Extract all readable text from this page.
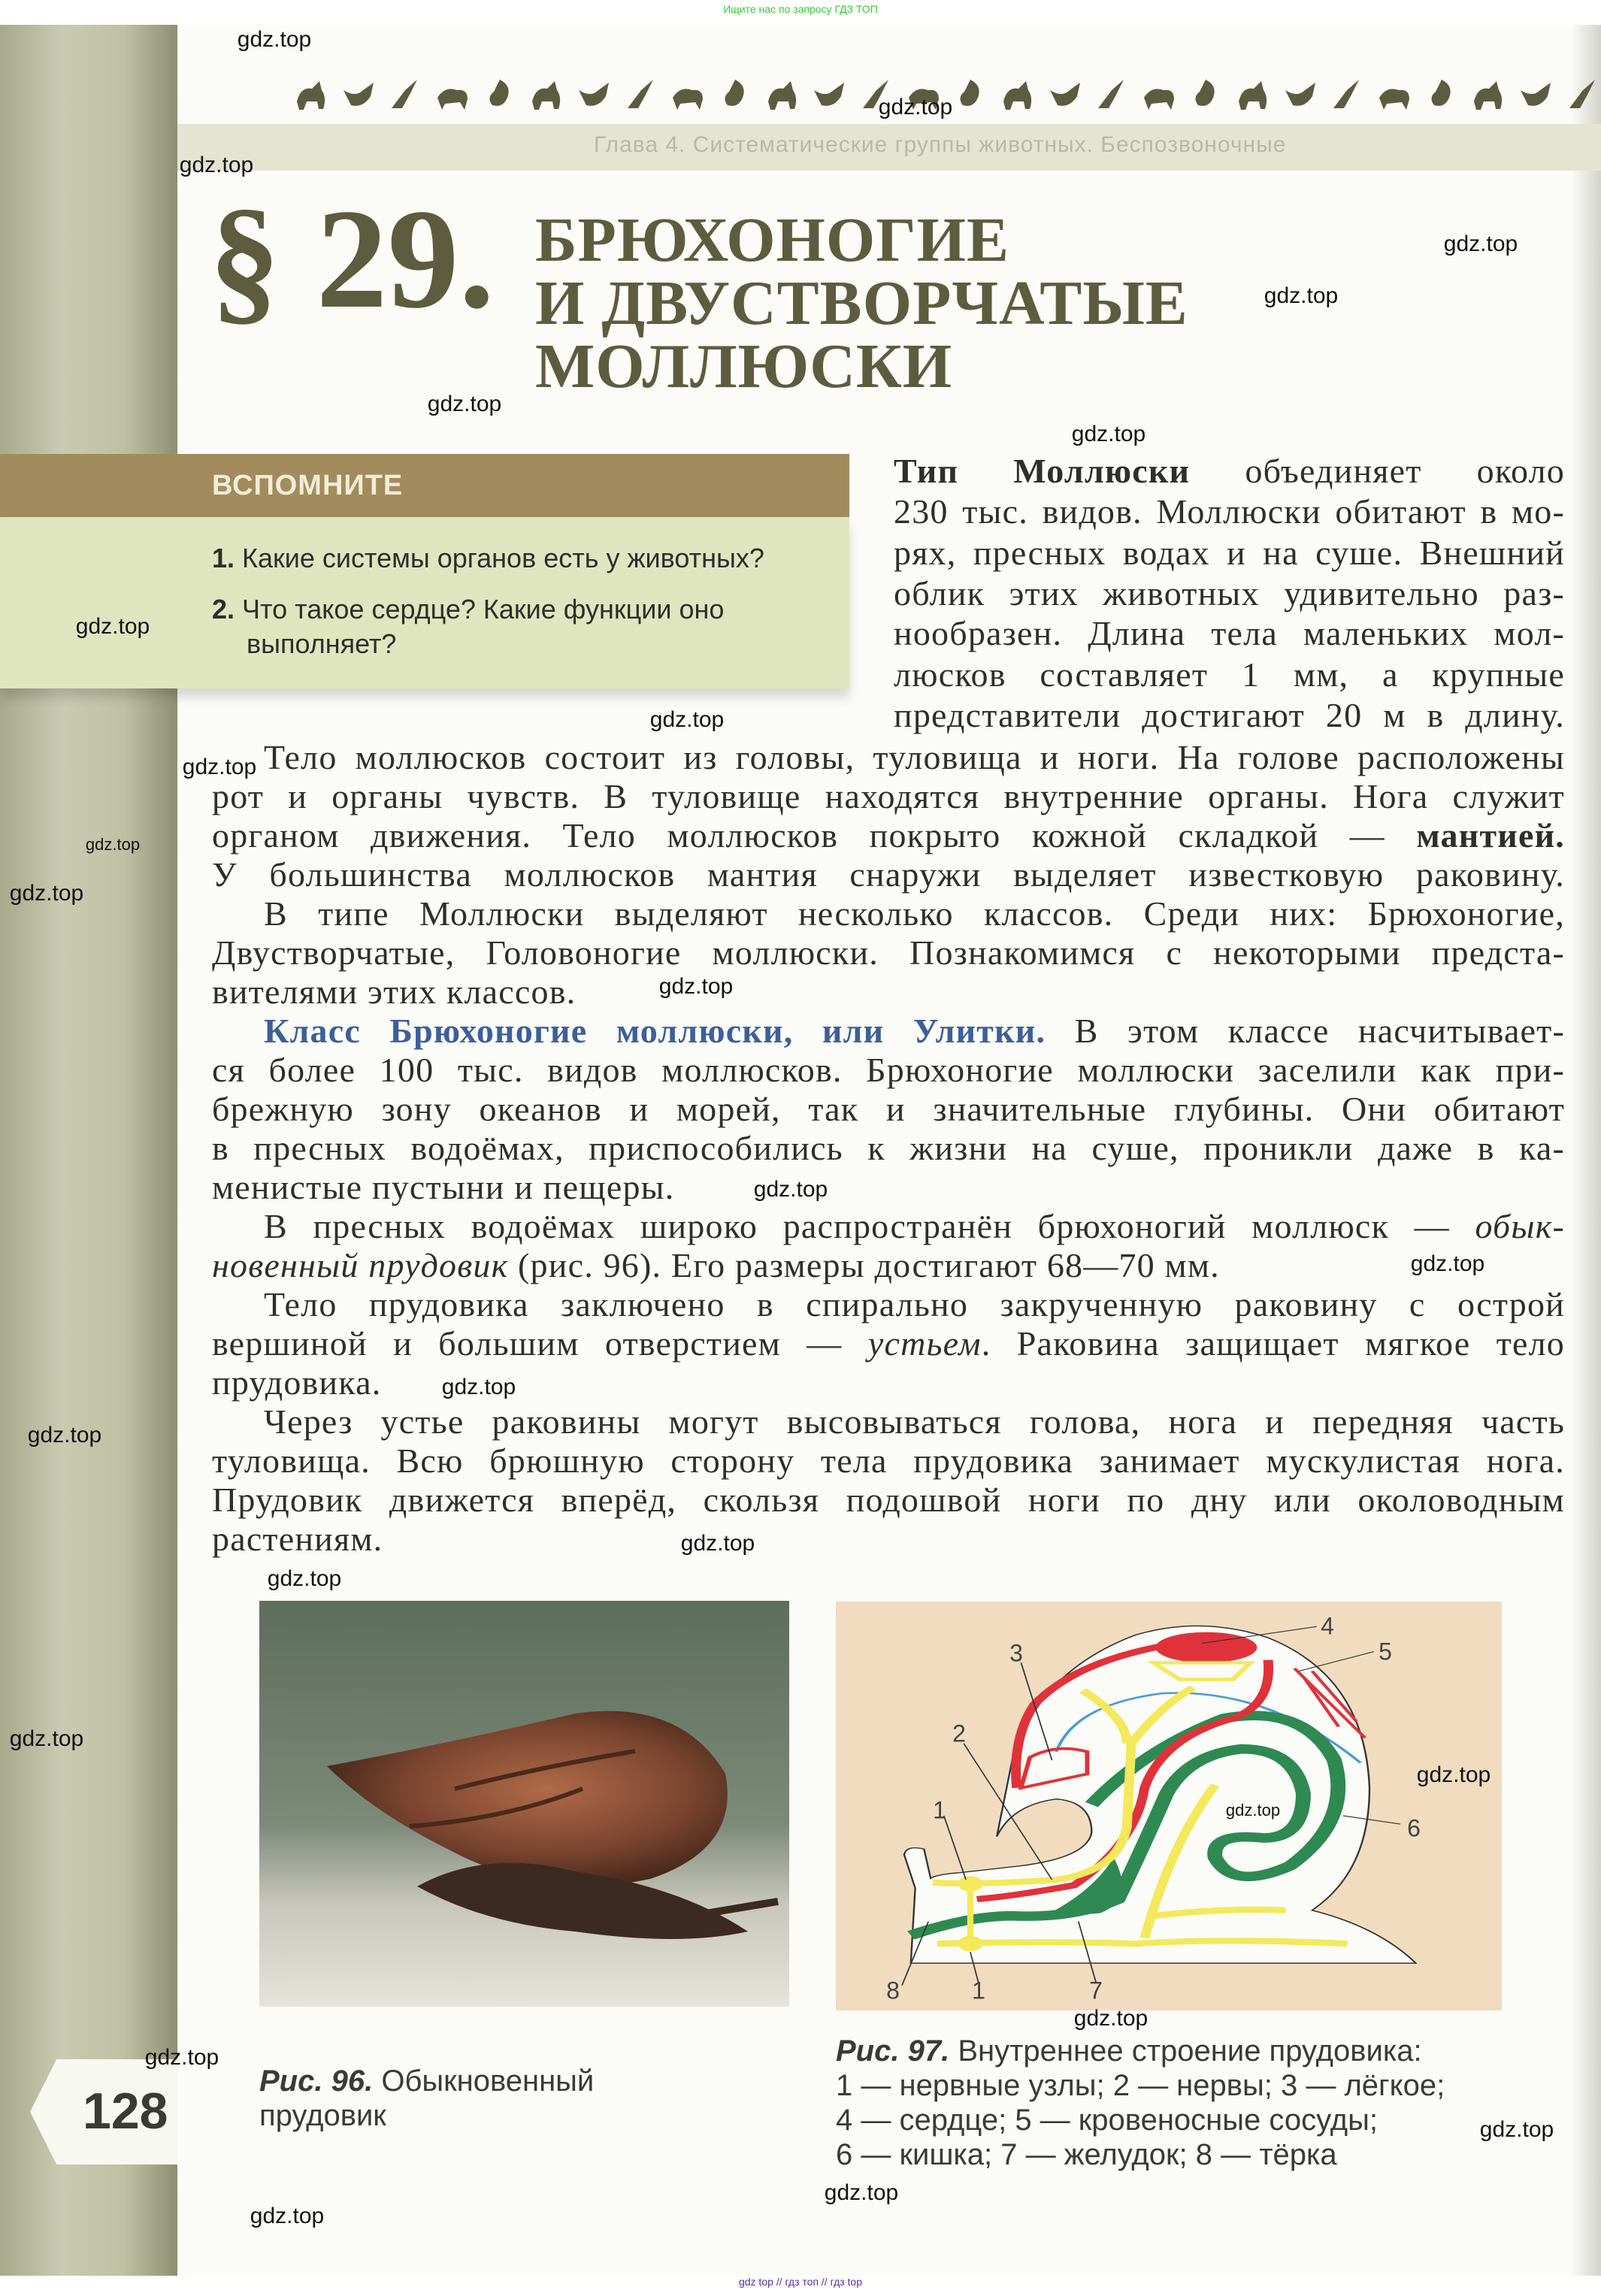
Ищите нас по запросу ГДЗ ТОП
Глава 4. Систематические группы животных. Беспозвоночные
§ 29. БРЮХОНОГИЕ
И ДВУСТВОРЧАТЫЕ
МОЛЛЮСКИ
ВСПОМНИТЕ
1. Какие системы органов есть у животных?
2. Что такое сердце? Какие функции оно
выполняет?
Тип Моллюски объединяет около
230 тыс. видов. Моллюски обитают в мо-
рях, пресных водах и на суше. Внешний
облик этих животных удивительно раз-
нообразен. Длина тела маленьких мол-
люсков составляет 1 мм, а крупные
представители достигают 20 м в длину.
Тело моллюсков состоит из головы, туловища и ноги. На голове расположены
рот и органы чувств. В туловище находятся внутренние органы. Нога служит
органом движения. Тело моллюсков покрыто кожной складкой — мантией.
У большинства моллюсков мантия снаружи выделяет известковую раковину.
В типе Моллюски выделяют несколько классов. Среди них: Брюхоногие,
Двустворчатые, Головоногие моллюски. Познакомимся с некоторыми предста-
вителями этих классов.
Класс Брюхоногие моллюски, или Улитки. В этом классе насчитывает-
ся более 100 тыс. видов моллюсков. Брюхоногие моллюски заселили как при-
брежную зону океанов и морей, так и значительные глубины. Они обитают
в пресных водоёмах, приспособились к жизни на суше, проникли даже в ка-
менистые пустыни и пещеры.
В пресных водоёмах широко распространён брюхоногий моллюск — обык-
новенный прудовик (рис. 96). Его размеры достигают 68—70 мм.
Тело прудовика заключено в спирально закрученную раковину с острой
вершиной и большим отверстием — устьем. Раковина защищает мягкое тело
прудовика.
Через устье раковины могут высовываться голова, нога и передняя часть
туловища. Всю брюшную сторону тела прудовика занимает мускулистая нога.
Прудовик движется вперёд, скользя подошвой ноги по дну или околоводным
растениям.
4
5
3
2
1
6
8	1	7
Рис. 96. Обыкновенный
прудовик
Рис. 97. Внутреннее строение прудовика:
1 — нервные узлы; 2 — нервы; 3 — лёгкое;
4 — сердце; 5 — кровеносные сосуды;
6 — кишка; 7 — желудок; 8 — тёрка
128
gdz.top
gdz.top
gdz.top
gdz.top
gdz.top
gdz.top
gdz.top
gdz.top
gdz.top
gdz.top
gdz.top
gdz.top
gdz.top
gdz.top
gdz.top
gdz.top
gdz.top
gdz.top
gdz.top
gdz.top
gdz.top
gdz.top
gdz.top
gdz.top
gdz.top
gdz.top
gdz.top
gdz top // гдз топ // гдз top
